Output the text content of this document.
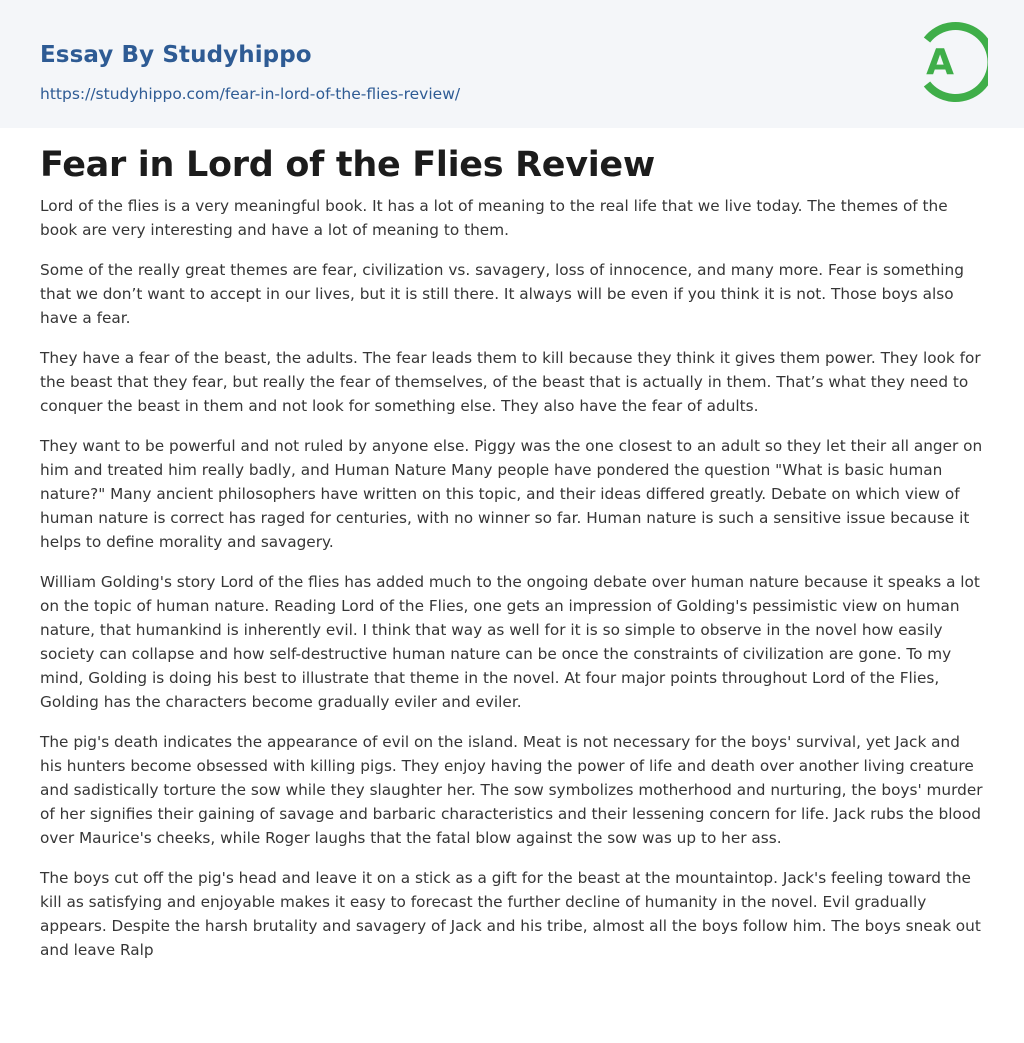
Essay By Studyhippo
https://studyhippo.com/fear-in-lord-of-the-flies-review/
A
Fear in Lord of the Flies Review

Lord of the flies is a very meaningful book. It has a lot of meaning to the real life that we live today. The themes of the book are very interesting and have a lot of meaning to them.

Some of the really great themes are fear, civilization vs. savagery, loss of innocence, and many more. Fear is something that we don’t want to accept in our lives, but it is still there. It always will be even if you think it is not. Those boys also have a fear.

They have a fear of the beast, the adults. The fear leads them to kill because they think it gives them power. They look for the beast that they fear, but really the fear of themselves, of the beast that is actually in them. That’s what they need to conquer the beast in them and not look for something else. They also have the fear of adults.

They want to be powerful and not ruled by anyone else. Piggy was the one closest to an adult so they let their all anger on him and treated him really badly, and Human Nature Many people have pondered the question "What is basic human nature?" Many ancient philosophers have written on this topic, and their ideas differed greatly. Debate on which view of human nature is correct has raged for centuries, with no winner so far. Human nature is such a sensitive issue because it helps to define morality and savagery.

William Golding's story Lord of the flies has added much to the ongoing debate over human nature because it speaks a lot on the topic of human nature. Reading Lord of the Flies, one gets an impression of Golding's pessimistic view on human nature, that humankind is inherently evil. I think that way as well for it is so simple to observe in the novel how easily society can collapse and how self-destructive human nature can be once the constraints of civilization are gone. To my mind, Golding is doing his best to illustrate that theme in the novel. At four major points throughout Lord of the Flies, Golding has the characters become gradually eviler and eviler.

The pig's death indicates the appearance of evil on the island. Meat is not necessary for the boys' survival, yet Jack and his hunters become obsessed with killing pigs. They enjoy having the power of life and death over another living creature and sadistically torture the sow while they slaughter her. The sow symbolizes motherhood and nurturing, the boys' murder of her signifies their gaining of savage and barbaric characteristics and their lessening concern for life. Jack rubs the blood over Maurice's cheeks, while Roger laughs that the fatal blow against the sow was up to her ass.

The boys cut off the pig's head and leave it on a stick as a gift for the beast at the mountaintop. Jack's feeling toward the kill as satisfying and enjoyable makes it easy to forecast the further decline of humanity in the novel. Evil gradually appears. Despite the harsh brutality and savagery of Jack and his tribe, almost all the boys follow him. The boys sneak out and leave Ralp
